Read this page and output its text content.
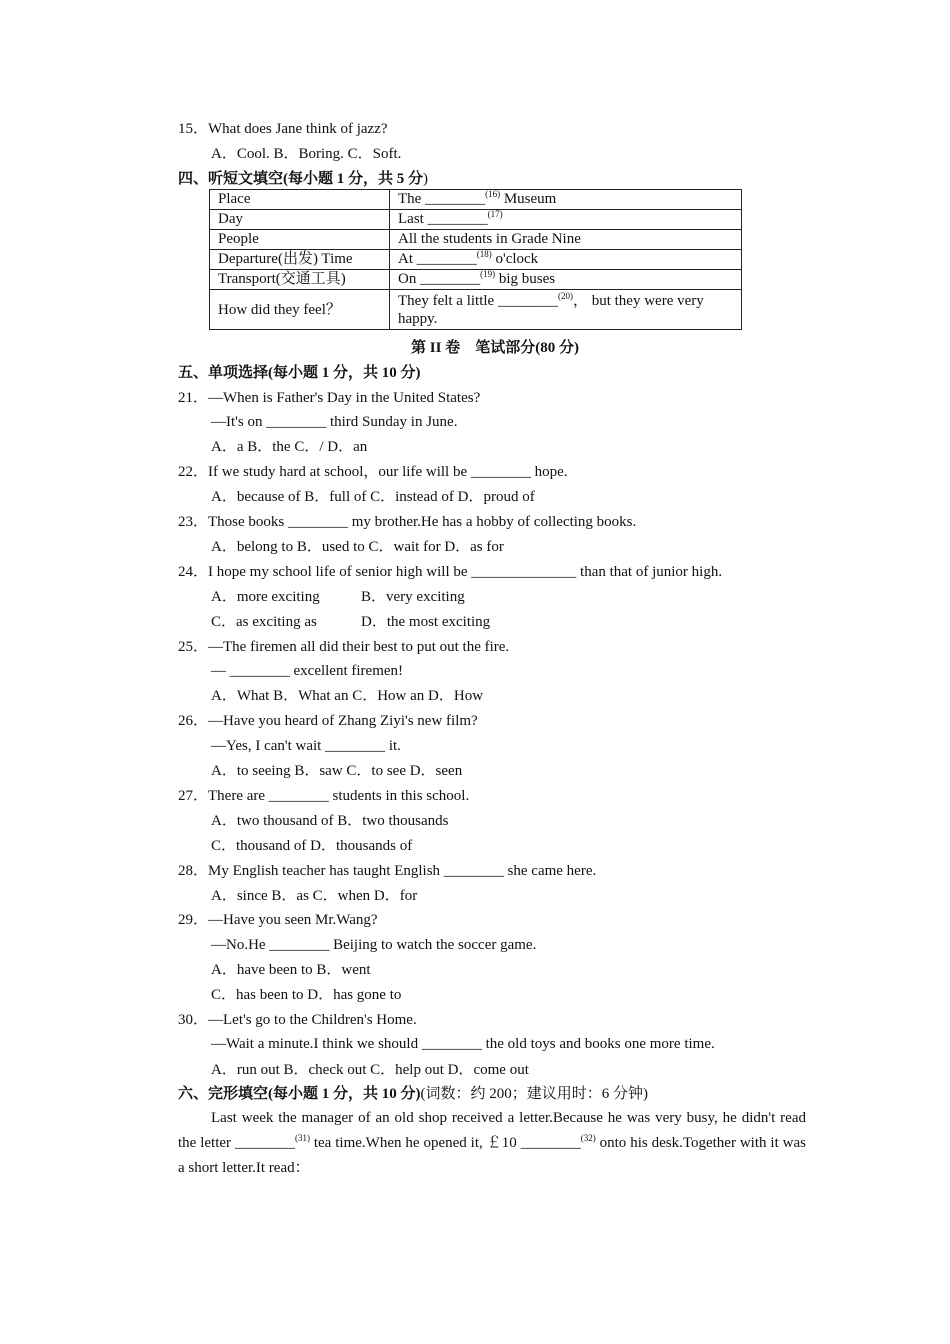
15．What does Jane think of jazz?
A．Cool. B．Boring. C．Soft.
四、听短文填空(每小题 1 分，共 5 分)
Place	The ________$^{(16)}$ Museum
Day	Last ________$^{(17)}$
People	All the students in Grade Nine
Departure(出发) Time	At ________$^{(18)}$ o'clock
Transport(交通工具)	On ________$^{(19)}$ big buses
How did they feel？	They felt a little ________$^{(20)}$， but they were very happy.
第 II 卷　笔试部分(80 分)
五、单项选择(每小题 1 分，共 10 分)
21．—When is Father's Day in the United States?
—It's on ________ third Sunday in June.
A．a B．the C．/ D．an
22．If we study hard at school，our life will be ________ hope.
A．because of B．full of C．instead of D．proud of
23．Those books ________ my brother.He has a hobby of collecting books.
A．belong to B．used to C．wait for D．as for
24．I hope my school life of senior high will be ______________ than that of junior high.
A．more exciting	B．very exciting
C．as exciting as	D．the most exciting
25．—The firemen all did their best to put out the fire.
— ________ excellent firemen!
A．What B．What an C．How an D．How
26．—Have you heard of Zhang Ziyi's new film?
—Yes, I can't wait ________ it.
A．to seeing B．saw C．to see D．seen
27．There are ________ students in this school.
A．two thousand of B．two thousands
C．thousand of D．thousands of
28．My English teacher has taught English ________ she came here.
A．since B．as C．when D．for
29．—Have you seen Mr.Wang?
—No.He ________ Beijing to watch the soccer game.
A．have been to B．went
C．has been to D．has gone to
30．—Let's go to the Children's Home.
—Wait a minute.I think we should ________ the old toys and books one more time.
A．run out B．check out C．help out D．come out
六、完形填空(每小题 1 分，共 10 分)(词数：约 200；建议用时：6 分钟)
Last week the manager of an old shop received a letter.Because he was very busy, he didn't read the letter ________$^{(31)}$ tea time.When he opened it, ￡10 ________$^{(32)}$ onto his desk.Together with it was a short letter.It read：
